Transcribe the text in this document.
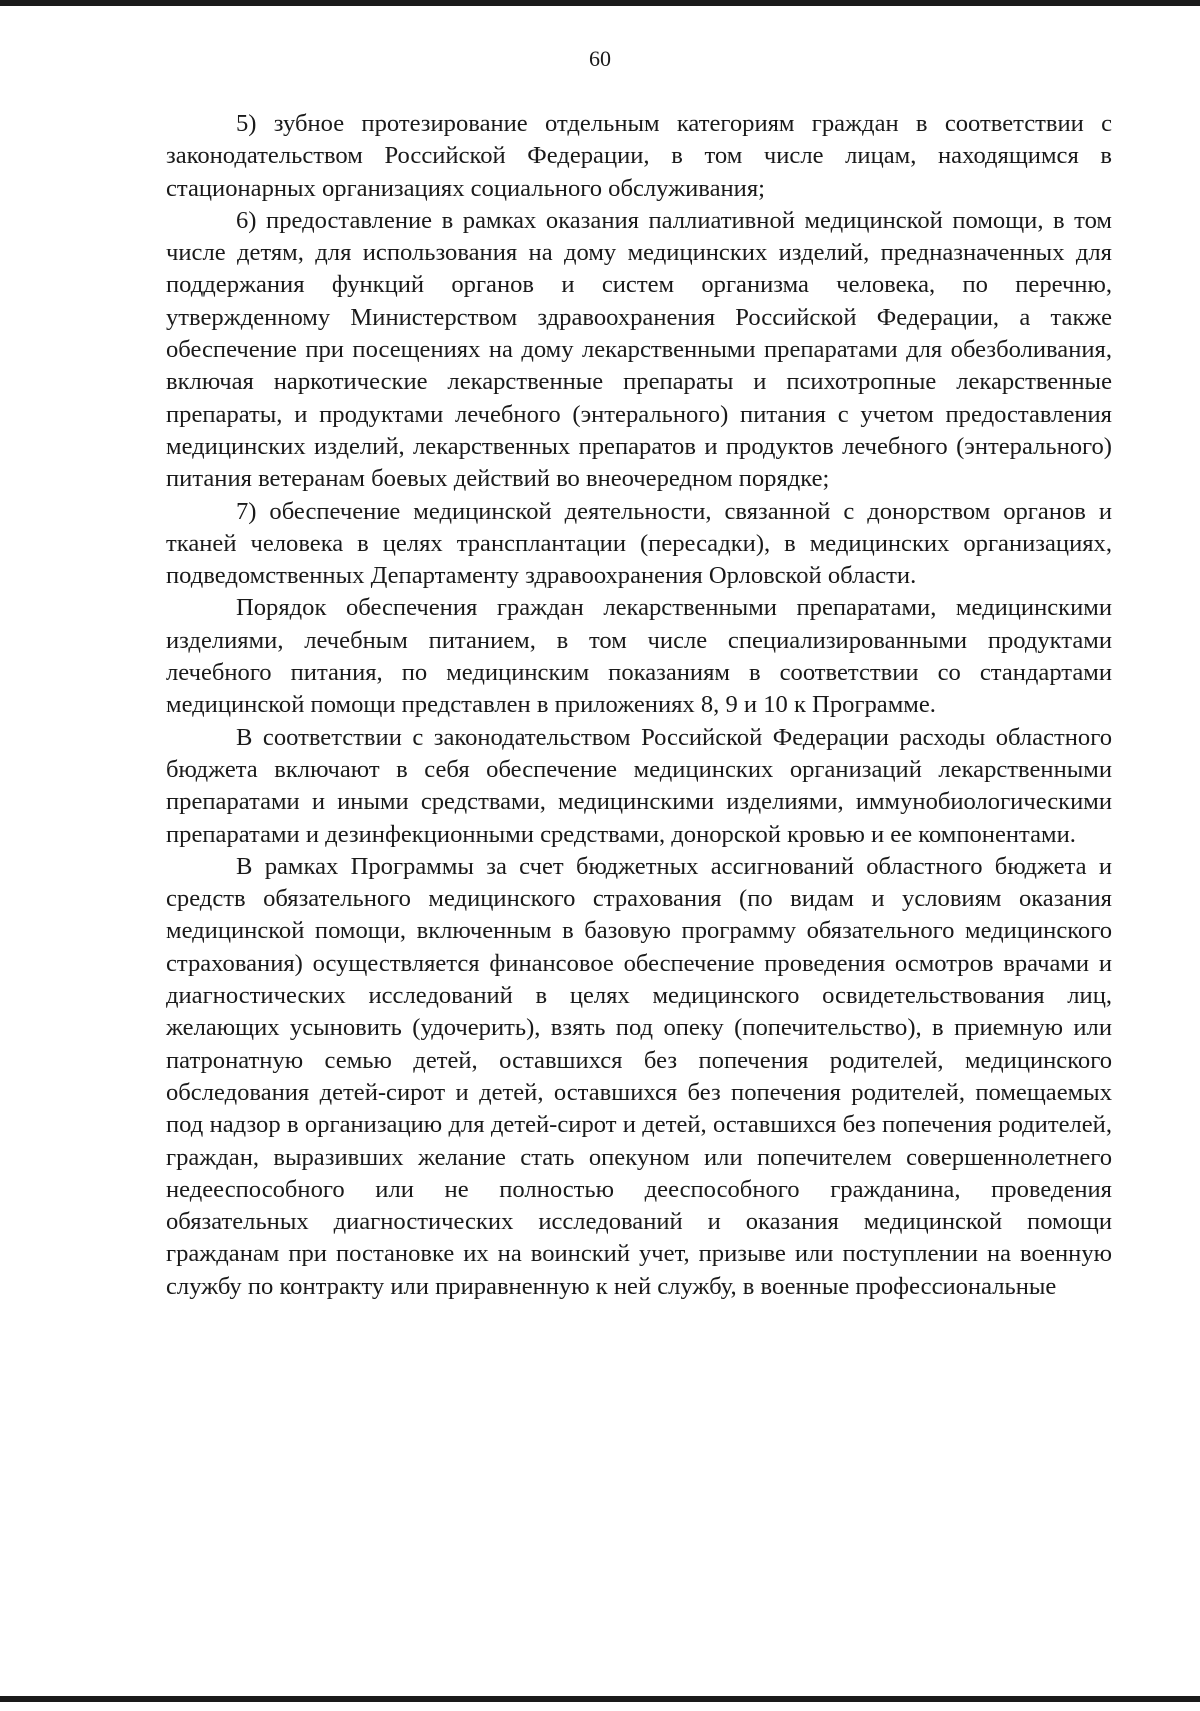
60

5) зубное протезирование отдельным категориям граждан в соответствии с законодательством Российской Федерации, в том числе лицам, находящимся в стационарных организациях социального обслуживания;

6) предоставление в рамках оказания паллиативной медицинской помощи, в том числе детям, для использования на дому медицинских изделий, предназначенных для поддержания функций органов и систем организма человека, по перечню, утвержденному Министерством здравоохранения Российской Федерации, а также обеспечение при посещениях на дому лекарственными препаратами для обезболивания, включая наркотические лекарственные препараты и психотропные лекарственные препараты, и продуктами лечебного (энтерального) питания с учетом предоставления медицинских изделий, лекарственных препаратов и продуктов лечебного (энтерального) питания ветеранам боевых действий во внеочередном порядке;

7) обеспечение медицинской деятельности, связанной с донорством органов и тканей человека в целях трансплантации (пересадки), в медицинских организациях, подведомственных Департаменту здравоохранения Орловской области.

Порядок обеспечения граждан лекарственными препаратами, медицинскими изделиями, лечебным питанием, в том числе специализированными продуктами лечебного питания, по медицинским показаниям в соответствии со стандартами медицинской помощи представлен в приложениях 8, 9 и 10 к Программе.

В соответствии с законодательством Российской Федерации расходы областного бюджета включают в себя обеспечение медицинских организаций лекарственными препаратами и иными средствами, медицинскими изделиями, иммунобиологическими препаратами и дезинфекционными средствами, донорской кровью и ее компонентами.

В рамках Программы за счет бюджетных ассигнований областного бюджета и средств обязательного медицинского страхования (по видам и условиям оказания медицинской помощи, включенным в базовую программу обязательного медицинского страхования) осуществляется финансовое обеспечение проведения осмотров врачами и диагностических исследований в целях медицинского освидетельствования лиц, желающих усыновить (удочерить), взять под опеку (попечительство), в приемную или патронатную семью детей, оставшихся без попечения родителей, медицинского обследования детей-сирот и детей, оставшихся без попечения родителей, помещаемых под надзор в организацию для детей-сирот и детей, оставшихся без попечения родителей, граждан, выразивших желание стать опекуном или попечителем совершеннолетнего недееспособного или не полностью дееспособного гражданина, проведения обязательных диагностических исследований и оказания медицинской помощи гражданам при постановке их на воинский учет, призыве или поступлении на военную службу по контракту или приравненную к ней службу, в военные профессиональные
